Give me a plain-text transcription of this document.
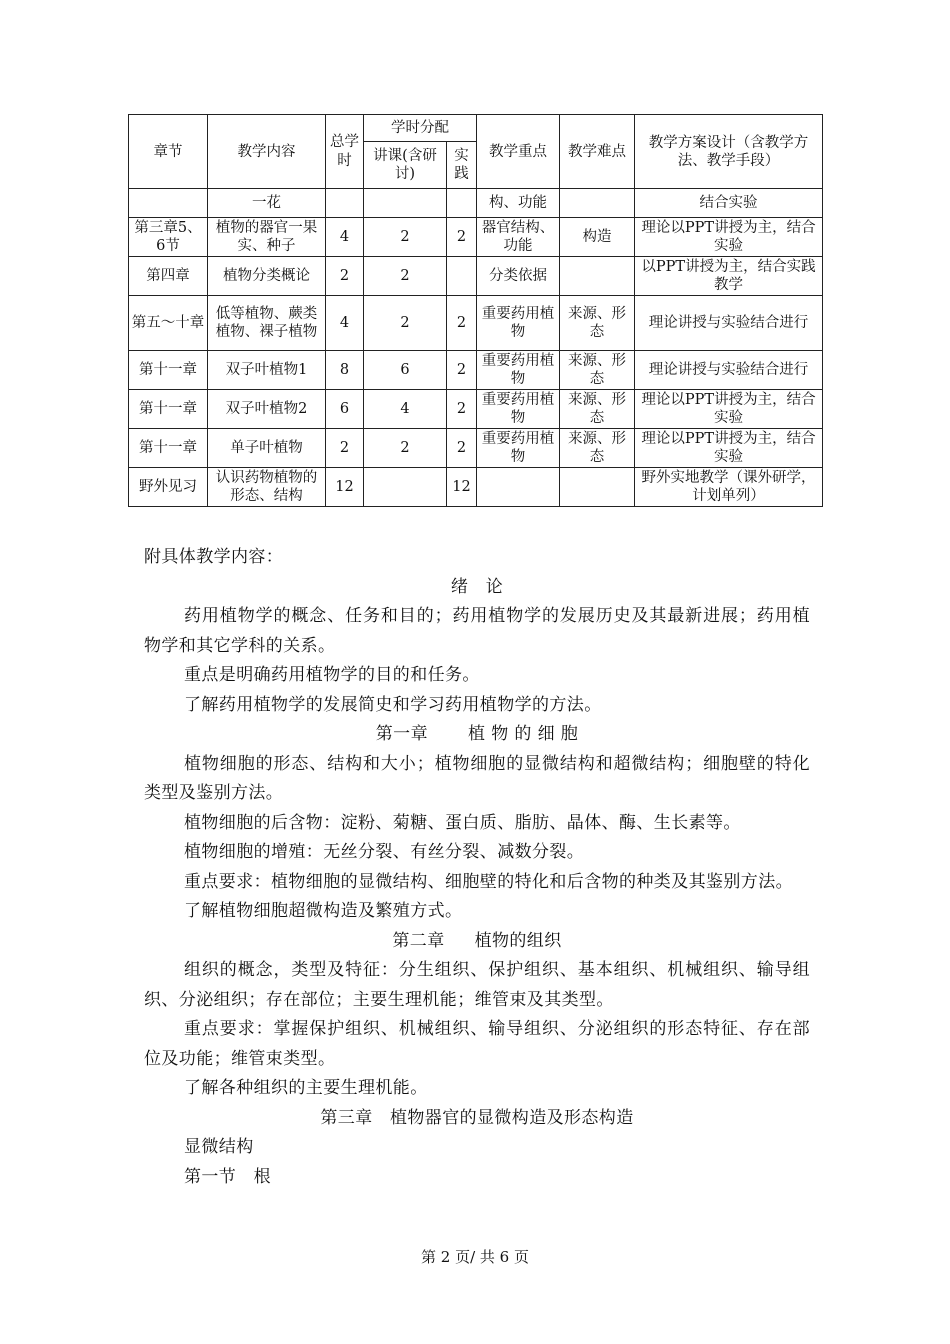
章节	教学内容	总学时	学时分配		教学重点	教学难点	教学方案设计（含教学方法、教学手段）
			讲课(含研讨)	实践			
	一花				构、功能		结合实验
第三章5、6节	植物的器官一果实、种子	4	2	2	器官结构、功能	构造	理论以PPT讲授为主，结合实验
第四章	植物分类概论	2	2		分类依据		以PPT讲授为主，结合实践教学
第五～十章	低等植物、蕨类植物、裸子植物	4	2	2	重要药用植物	来源、形态	理论讲授与实验结合进行
第十一章	双子叶植物1	8	6	2	重要药用植物	来源、形态	理论讲授与实验结合进行
第十一章	双子叶植物2	6	4	2	重要药用植物	来源、形态	理论以PPT讲授为主，结合实验
第十一章	单子叶植物	2	2	2	重要药用植物	来源、形态	理论以PPT讲授为主，结合实验
野外见习	认识药物植物的形态、结构	12		12			野外实地教学（课外研学，计划单列）

附具体教学内容：

绪　论

药用植物学的概念、任务和目的；药用植物学的发展历史及其最新进展；药用植物学和其它学科的关系。

重点是明确药用植物学的目的和任务。

了解药用植物学的发展简史和学习药用植物学的方法。

第一章 植 物 的 细 胞

植物细胞的形态、结构和大小；植物细胞的显微结构和超微结构；细胞壁的特化类型及鉴别方法。

植物细胞的后含物：淀粉、菊糖、蛋白质、脂肪、晶体、酶、生长素等。

植物细胞的增殖：无丝分裂、有丝分裂、减数分裂。

重点要求：植物细胞的显微结构、细胞壁的特化和后含物的种类及其鉴别方法。

了解植物细胞超微构造及繁殖方式。

第二章 植物的组织

组织的概念，类型及特征：分生组织、保护组织、基本组织、机械组织、输导组织、分泌组织；存在部位；主要生理机能；维管束及其类型。

重点要求：掌握保护组织、机械组织、输导组织、分泌组织的形态特征、存在部位及功能；维管束类型。

了解各种组织的主要生理机能。

第三章　植物器官的显微构造及形态构造

显微结构

第一节　根

第 2 页/ 共 6 页
